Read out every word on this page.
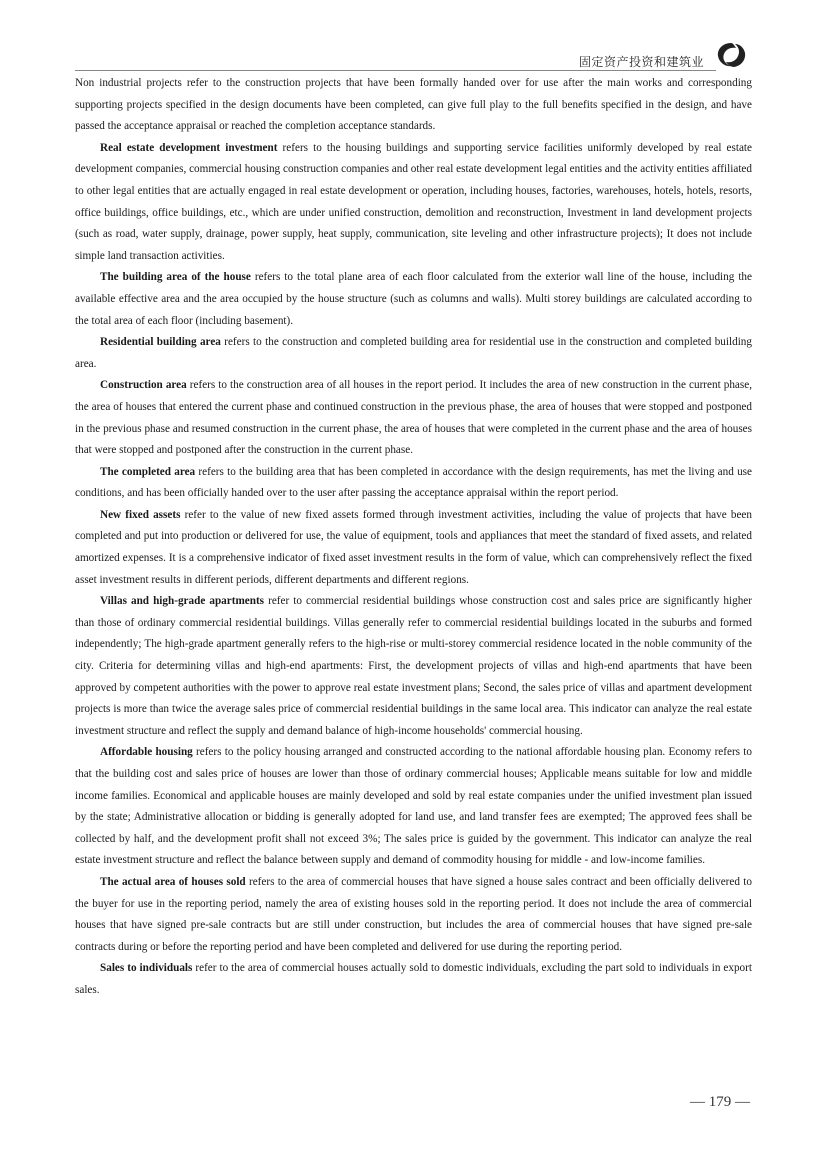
固定资产投资和建筑业

Non industrial projects refer to the construction projects that have been formally handed over for use after the main works and corresponding supporting projects specified in the design documents have been completed, can give full play to the full benefits specified in the design, and have passed the acceptance appraisal or reached the completion acceptance standards.

Real estate development investment refers to the housing buildings and supporting service facilities uniformly developed by real estate development companies, commercial housing construction companies and other real estate development legal entities and the activity entities affiliated to other legal entities that are actually engaged in real estate development or operation, including houses, factories, warehouses, hotels, hotels, resorts, office buildings, office buildings, etc., which are under unified construction, demolition and reconstruction, Investment in land development projects (such as road, water supply, drainage, power supply, heat supply, communication, site leveling and other infrastructure projects); It does not include simple land transaction activities.

The building area of the house refers to the total plane area of each floor calculated from the exterior wall line of the house, including the available effective area and the area occupied by the house structure (such as columns and walls). Multi storey buildings are calculated according to the total area of each floor (including basement).

Residential building area refers to the construction and completed building area for residential use in the construction and completed building area.

Construction area refers to the construction area of all houses in the report period. It includes the area of new construction in the current phase, the area of houses that entered the current phase and continued construction in the previous phase, the area of houses that were stopped and postponed in the previous phase and resumed construction in the current phase, the area of houses that were completed in the current phase and the area of houses that were stopped and postponed after the construction in the current phase.

The completed area refers to the building area that has been completed in accordance with the design requirements, has met the living and use conditions, and has been officially handed over to the user after passing the acceptance appraisal within the report period.

New fixed assets refer to the value of new fixed assets formed through investment activities, including the value of projects that have been completed and put into production or delivered for use, the value of equipment, tools and appliances that meet the standard of fixed assets, and related amortized expenses. It is a comprehensive indicator of fixed asset investment results in the form of value, which can comprehensively reflect the fixed asset investment results in different periods, different departments and different regions.

Villas and high-grade apartments refer to commercial residential buildings whose construction cost and sales price are significantly higher than those of ordinary commercial residential buildings. Villas generally refer to commercial residential buildings located in the suburbs and formed independently; The high-grade apartment generally refers to the high-rise or multi-storey commercial residence located in the noble community of the city. Criteria for determining villas and high-end apartments: First, the development projects of villas and high-end apartments that have been approved by competent authorities with the power to approve real estate investment plans; Second, the sales price of villas and apartment development projects is more than twice the average sales price of commercial residential buildings in the same local area. This indicator can analyze the real estate investment structure and reflect the supply and demand balance of high-income households' commercial housing.

Affordable housing refers to the policy housing arranged and constructed according to the national affordable housing plan. Economy refers to that the building cost and sales price of houses are lower than those of ordinary commercial houses; Applicable means suitable for low and middle income families. Economical and applicable houses are mainly developed and sold by real estate companies under the unified investment plan issued by the state; Administrative allocation or bidding is generally adopted for land use, and land transfer fees are exempted; The approved fees shall be collected by half, and the development profit shall not exceed 3%; The sales price is guided by the government. This indicator can analyze the real estate investment structure and reflect the balance between supply and demand of commodity housing for middle - and low-income families.

The actual area of houses sold refers to the area of commercial houses that have signed a house sales contract and been officially delivered to the buyer for use in the reporting period, namely the area of existing houses sold in the reporting period. It does not include the area of commercial houses that have signed pre-sale contracts but are still under construction, but includes the area of commercial houses that have signed pre-sale contracts during or before the reporting period and have been completed and delivered for use during the reporting period.

Sales to individuals refer to the area of commercial houses actually sold to domestic individuals, excluding the part sold to individuals in export sales.

— 179 —
